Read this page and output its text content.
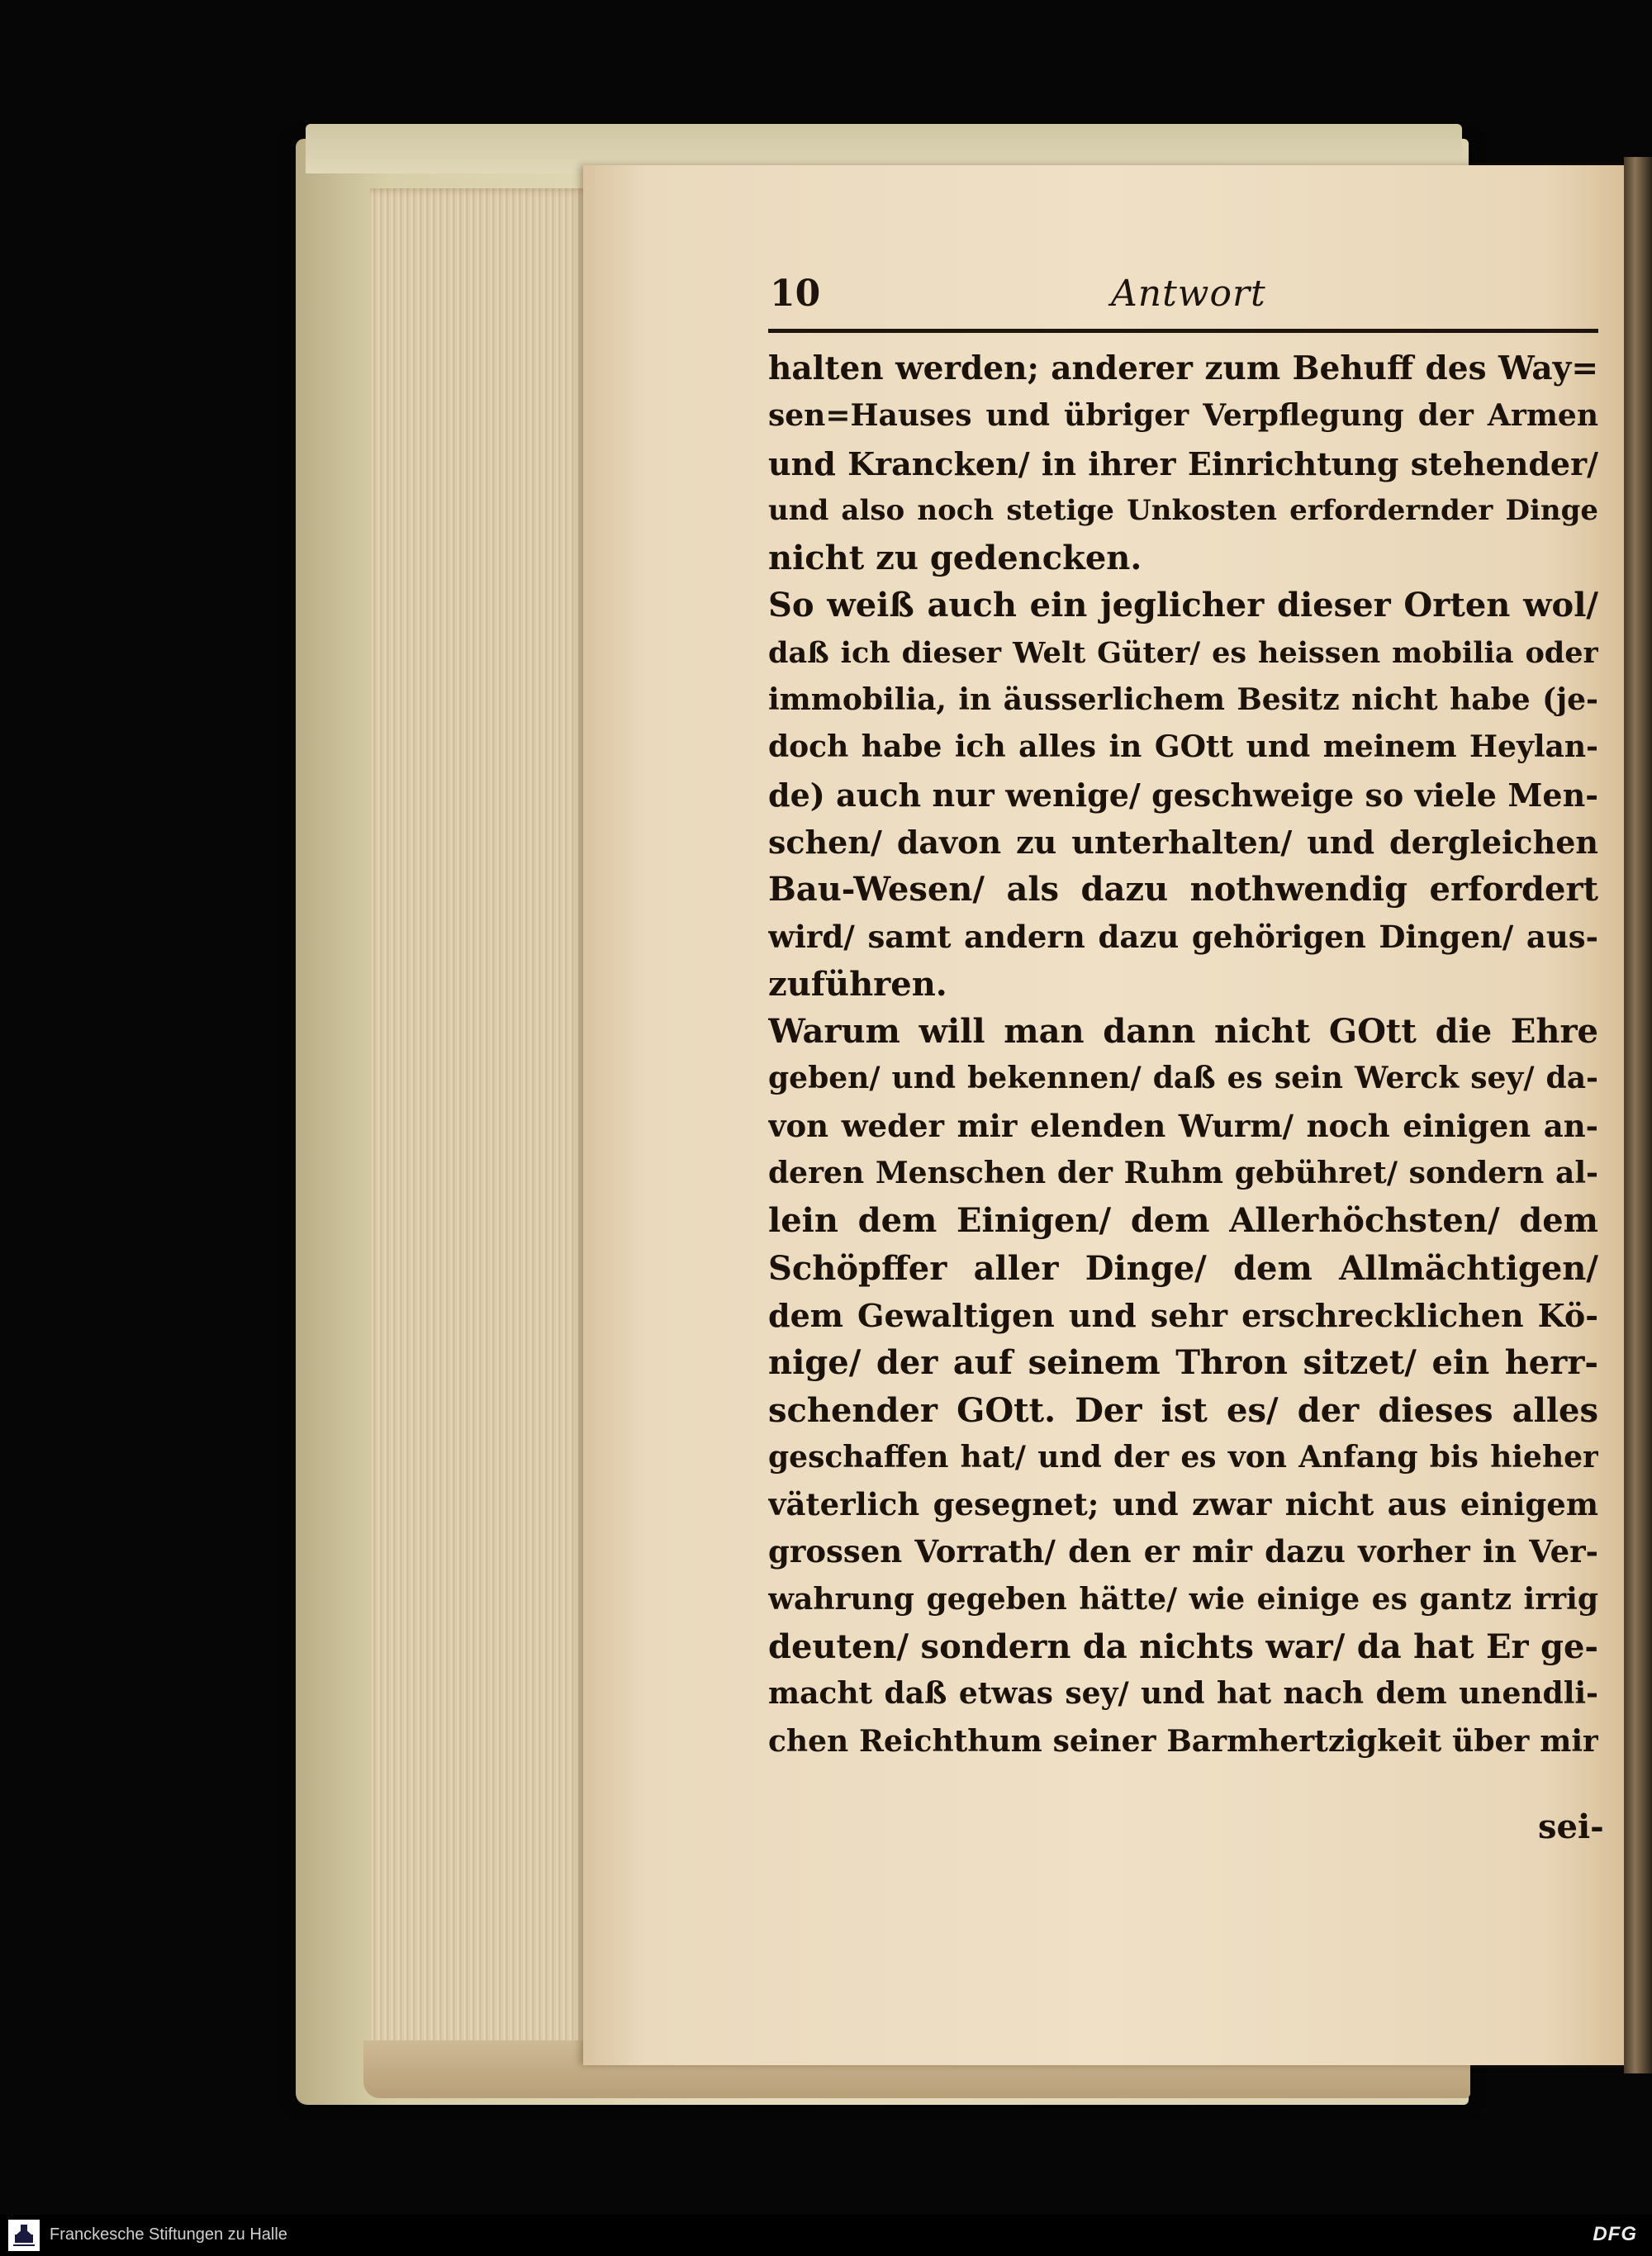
10	Antwort
halten werden; anderer zum Behuff des Way=
sen=Hauses und übriger Verpflegung der Armen
und Krancken/ in ihrer Einrichtung stehender/
und also noch stetige Unkosten erfordernder Dinge
nicht zu gedencken.
So weiß auch ein jeglicher dieser Orten wol/
daß ich dieser Welt Güter/ es heissen mobilia oder
immobilia, in äusserlichem Besitz nicht habe (je-
doch habe ich alles in GOtt und meinem Heylan-
de) auch nur wenige/ geschweige so viele Men-
schen/ davon zu unterhalten/ und dergleichen
Bau-Wesen/ als dazu nothwendig erfordert
wird/ samt andern dazu gehörigen Dingen/ aus-
zuführen.
Warum will man dann nicht GOtt die Ehre
geben/ und bekennen/ daß es sein Werck sey/ da-
von weder mir elenden Wurm/ noch einigen an-
deren Menschen der Ruhm gebühret/ sondern al-
lein dem Einigen/ dem Allerhöchsten/ dem
Schöpffer aller Dinge/ dem Allmächtigen/
dem Gewaltigen und sehr erschrecklichen Kö-
nige/ der auf seinem Thron sitzet/ ein herr-
schender GOtt. Der ist es/ der dieses alles
geschaffen hat/ und der es von Anfang bis hieher
väterlich gesegnet; und zwar nicht aus einigem
grossen Vorrath/ den er mir dazu vorher in Ver-
wahrung gegeben hätte/ wie einige es gantz irrig
deuten/ sondern da nichts war/ da hat Er ge-
macht daß etwas sey/ und hat nach dem unendli-
chen Reichthum seiner Barmhertzigkeit über mir
sei-
Franckesche Stiftungen zu Halle	DFG
